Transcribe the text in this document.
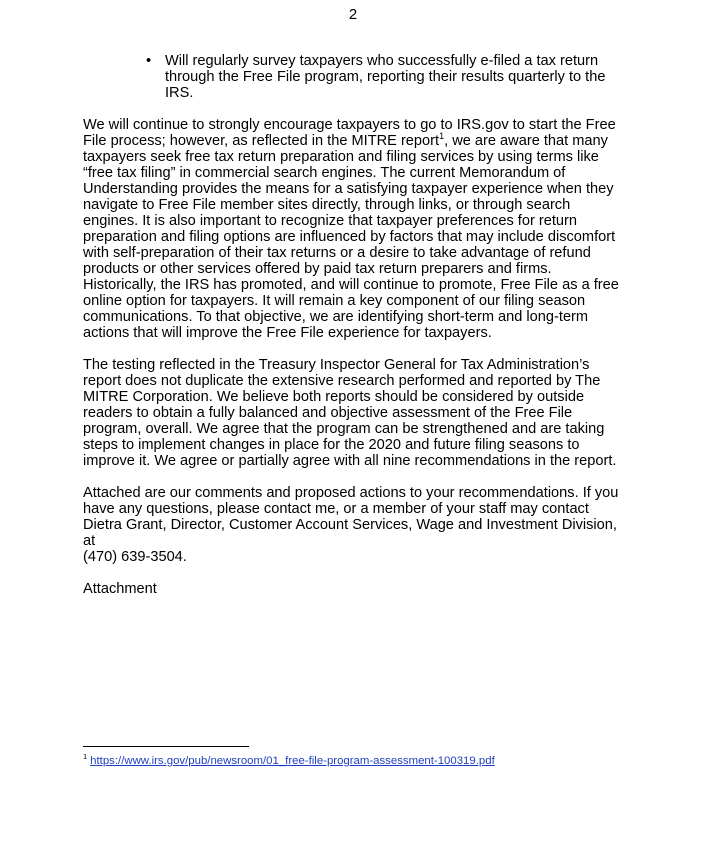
2
• Will regularly survey taxpayers who successfully e-filed a tax return through the Free File program, reporting their results quarterly to the IRS.

We will continue to strongly encourage taxpayers to go to IRS.gov to start the Free File process; however, as reflected in the MITRE report$^1$, we are aware that many taxpayers seek free tax return preparation and filing services by using terms like “free tax filing” in commercial search engines. The current Memorandum of Understanding provides the means for a satisfying taxpayer experience when they navigate to Free File member sites directly, through links, or through search engines. It is also important to recognize that taxpayer preferences for return preparation and filing options are influenced by factors that may include discomfort with self-preparation of their tax returns or a desire to take advantage of refund products or other services offered by paid tax return preparers and firms. Historically, the IRS has promoted, and will continue to promote, Free File as a free online option for taxpayers. It will remain a key component of our filing season communications. To that objective, we are identifying short-term and long-term actions that will improve the Free File experience for taxpayers.

The testing reflected in the Treasury Inspector General for Tax Administration’s report does not duplicate the extensive research performed and reported by The MITRE Corporation. We believe both reports should be considered by outside readers to obtain a fully balanced and objective assessment of the Free File program, overall. We agree that the program can be strengthened and are taking steps to implement changes in place for the 2020 and future filing seasons to improve it. We agree or partially agree with all nine recommendations in the report.

Attached are our comments and proposed actions to your recommendations. If you
have any questions, please contact me, or a member of your staff may contact
Dietra Grant, Director, Customer Account Services, Wage and Investment Division, at
(470) 639-3504.

Attachment

$^1$ https://www.irs.gov/pub/newsroom/01_free-file-program-assessment-100319.pdf
